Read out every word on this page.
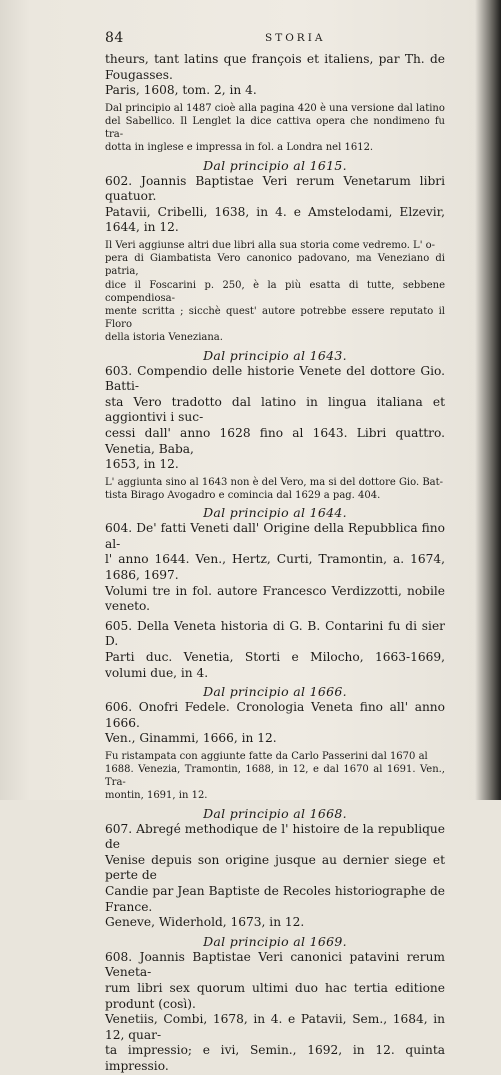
84	STORIA

theurs, tant latins que françois et italiens, par Th. de Fougasses.
Paris, 1608, tom. 2, in 4.

Dal principio al 1487 cioè alla pagina 420 è una versione dal latino
del Sabellico. Il Lenglet la dice cattiva opera che nondimeno fu tra-
dotta in inglese e impressa in fol. a Londra nel 1612.

Dal principio al 1615.

602. Joannis Baptistae Veri rerum Venetarum libri quatuor.
Patavii, Cribelli, 1638, in 4. e Amstelodami, Elzevir, 1644, in 12.

Il Veri aggiunse altri due libri alla sua storia come vedremo. L' o-
pera di Giambatista Vero canonico padovano, ma Veneziano di patria,
dice il Foscarini p. 250, è la più esatta di tutte, sebbene compendiosa-
mente scritta ; sicchè quest' autore potrebbe essere reputato il Floro
della istoria Veneziana.

Dal principio al 1643.

603. Compendio delle historie Venete del dottore Gio. Batti-
sta Vero tradotto dal latino in lingua italiana et aggiontivi i suc-
cessi dall' anno 1628 fino al 1643. Libri quattro. Venetia, Baba,
1653, in 12.

L' aggiunta sino al 1643 non è del Vero, ma si del dottore Gio. Bat-
tista Birago Avogadro e comincia dal 1629 a pag. 404.

Dal principio al 1644.

604. De' fatti Veneti dall' Origine della Repubblica fino al-
l' anno 1644. Ven., Hertz, Curti, Tramontin, a. 1674, 1686, 1697.
Volumi tre in fol. autore Francesco Verdizzotti, nobile veneto.

605. Della Veneta historia di G. B. Contarini fu di sier D.
Parti duc. Venetia, Storti e Milocho, 1663-1669, volumi due, in 4.

Dal principio al 1666.

606. Onofri Fedele. Cronologia Veneta fino all' anno 1666.
Ven., Ginammi, 1666, in 12.

Fu ristampata con aggiunte fatte da Carlo Passerini dal 1670 al
1688. Venezia, Tramontin, 1688, in 12, e dal 1670 al 1691. Ven., Tra-
montin, 1691, in 12.

Dal principio al 1668.

607. Abregé methodique de l' histoire de la republique de
Venise depuis son origine jusque au dernier siege et perte de
Candie par Jean Baptiste de Recoles historiographe de France.
Geneve, Widerhold, 1673, in 12.

Dal principio al 1669.

608. Joannis Baptistae Veri canonici patavini rerum Veneta-
rum libri sex quorum ultimi duo hac tertia editione produnt (così).
Venetiis, Combi, 1678, in 4. e Patavii, Sem., 1684, in 12, quar-
ta impressio; e ivi, Semin., 1692, in 12. quinta impressio.
